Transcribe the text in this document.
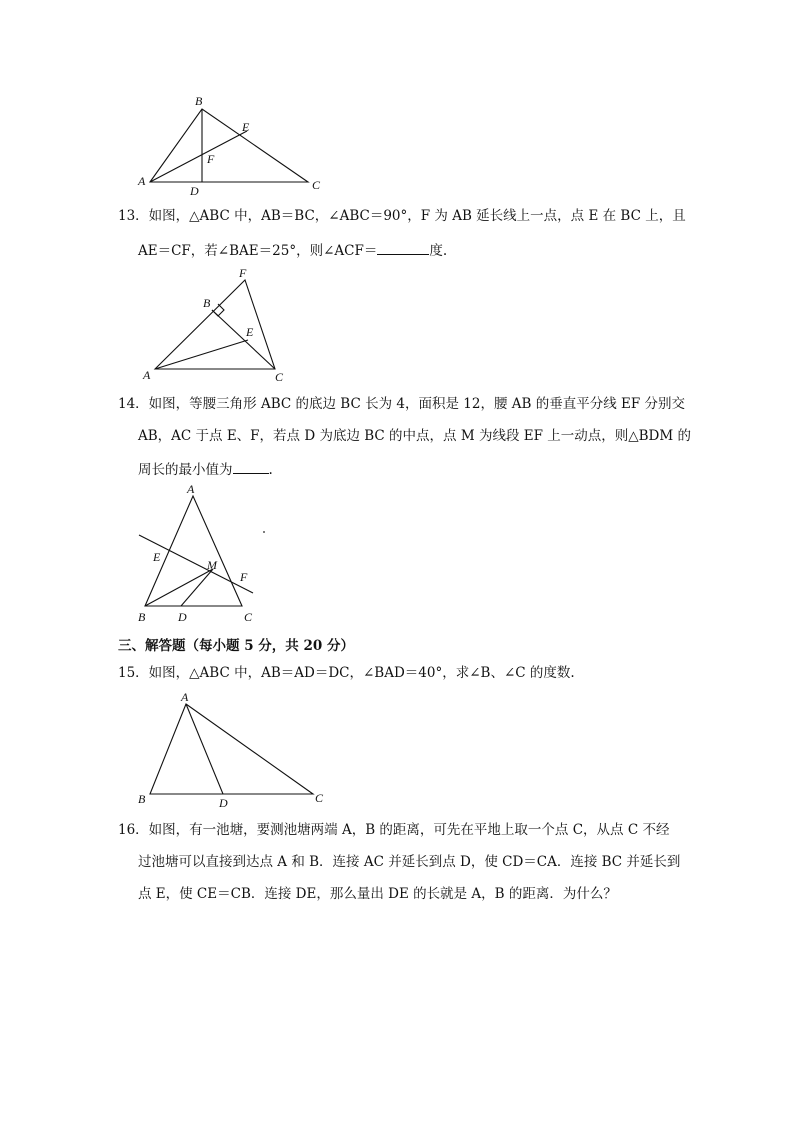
A
B
C
D
E
F
13．如图，△ABC 中，AB＝BC，∠ABC＝90°，F 为 AB 延长线上一点，点 E 在 BC 上，且
AE＝CF，若∠BAE＝25°，则∠ACF＝	度.
A
B
C
E
F
14．如图，等腰三角形 ABC 的底边 BC 长为 4，面积是 12，腰 AB 的垂直平分线 EF 分别交
AB，AC 于点 E、F，若点 D 为底边 BC 的中点，点 M 为线段 EF 上一动点，则△BDM 的
周长的最小值为	.
A
B	C
D
E
F
M
三、解答题（每小题 5 分，共 20 分）
15．如图，△ABC 中，AB＝AD＝DC，∠BAD＝40°，求∠B、∠C 的度数.
A
B	C
D
16．如图，有一池塘，要测池塘两端 A，B 的距离，可先在平地上取一个点 C，从点 C 不经
过池塘可以直接到达点 A 和 B．连接 AC 并延长到点 D，使 CD＝CA．连接 BC 并延长到
点 E，使 CE＝CB．连接 DE，那么量出 DE 的长就是 A，B 的距离．为什么？
